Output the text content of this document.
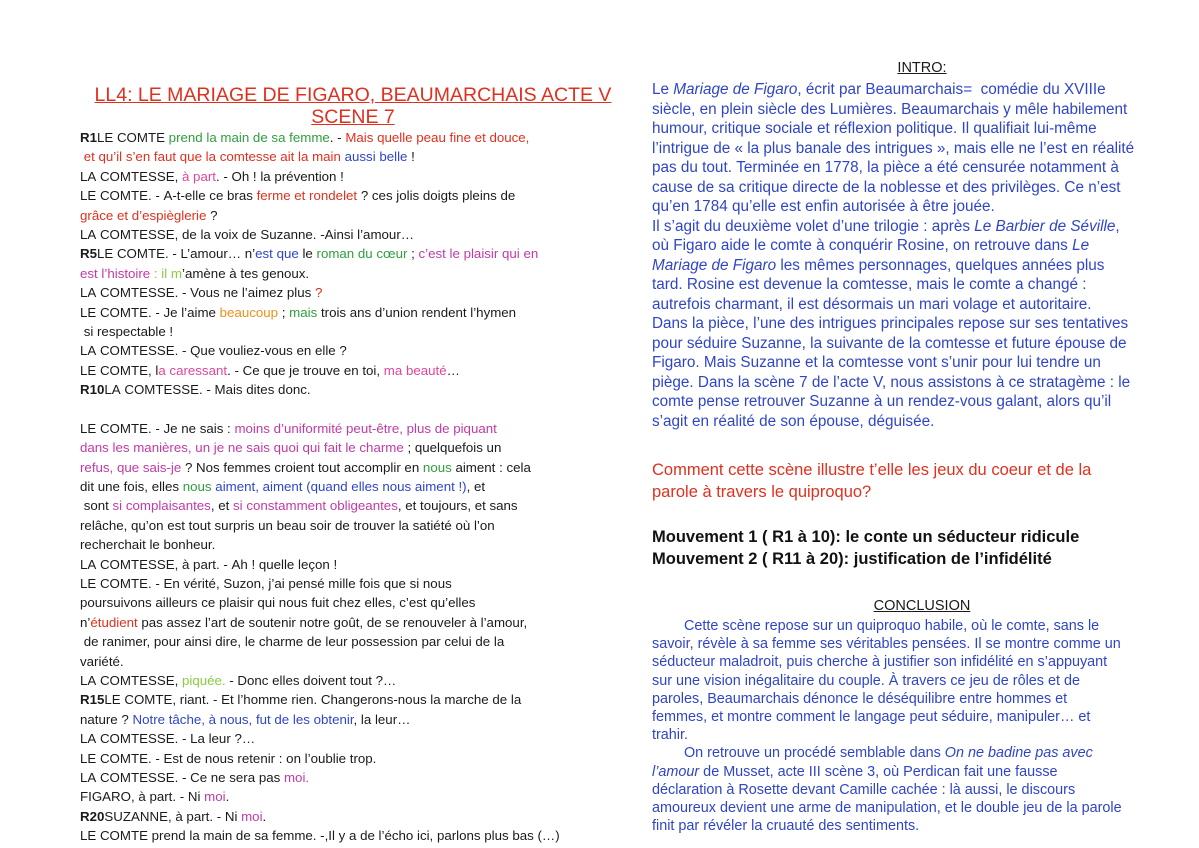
LL4: LE MARIAGE DE FIGARO, BEAUMARCHAIS ACTE V
SCENE 7
R1LE COMTE prend la main de sa femme. - Mais quelle peau fine et douce,
et qu’il s’en faut que la comtesse ait la main aussi belle !
LA COMTESSE, à part. - Oh ! la prévention !
LE COMTE. - A-t-elle ce bras ferme et rondelet ? ces jolis doigts pleins de
grâce et d’espièglerie ?
LA COMTESSE, de la voix de Suzanne. -Ainsi l’amour…
R5LE COMTE. - L’amour… n’est que le roman du cœur ; c’est le plaisir qui en
est l’histoire : il m’amène à tes genoux.
LA COMTESSE. - Vous ne l’aimez plus ?
LE COMTE. - Je l’aime beaucoup ; mais trois ans d’union rendent l’hymen
si respectable !
LA COMTESSE. - Que vouliez-vous en elle ?
LE COMTE, la caressant. - Ce que je trouve en toi, ma beauté…
R10LA COMTESSE. - Mais dites donc.
LE COMTE. - Je ne sais : moins d’uniformité peut-être, plus de piquant
dans les manières, un je ne sais quoi qui fait le charme ; quelquefois un
refus, que sais-je ? Nos femmes croient tout accomplir en nous aiment : cela
dit une fois, elles nous aiment, aiment (quand elles nous aiment !), et
sont si complaisantes, et si constamment obligeantes, et toujours, et sans
relâche, qu’on est tout surpris un beau soir de trouver la satiété où l’on
recherchait le bonheur.
LA COMTESSE, à part. - Ah ! quelle leçon !
LE COMTE. - En vérité, Suzon, j’ai pensé mille fois que si nous
poursuivons ailleurs ce plaisir qui nous fuit chez elles, c’est qu’elles
n’étudient pas assez l’art de soutenir notre goût, de se renouveler à l’amour,
de ranimer, pour ainsi dire, le charme de leur possession par celui de la
variété.
LA COMTESSE, piquée. - Donc elles doivent tout ?…
R15LE COMTE, riant. - Et l’homme rien. Changerons-nous la marche de la
nature ? Notre tâche, à nous, fut de les obtenir, la leur…
LA COMTESSE. - La leur ?…
LE COMTE. - Est de nous retenir : on l’oublie trop.
LA COMTESSE. - Ce ne sera pas moi.
FIGARO, à part. - Ni moi.
R20SUZANNE, à part. - Ni moi.
LE COMTE prend la main de sa femme. -,Il y a de l’écho ici, parlons plus bas (…)
INTRO:
Le Mariage de Figaro, écrit par Beaumarchais=  comédie du XVIIIe
siècle, en plein siècle des Lumières. Beaumarchais y mêle habilement
humour, critique sociale et réflexion politique. Il qualifiait lui-même
l’intrigue de « la plus banale des intrigues », mais elle ne l’est en réalité
pas du tout. Terminée en 1778, la pièce a été censurée notamment à
cause de sa critique directe de la noblesse et des privilèges. Ce n’est
qu’en 1784 qu’elle est enfin autorisée à être jouée.
Il s’agit du deuxième volet d’une trilogie : après Le Barbier de Séville,
où Figaro aide le comte à conquérir Rosine, on retrouve dans Le
Mariage de Figaro les mêmes personnages, quelques années plus
tard. Rosine est devenue la comtesse, mais le comte a changé :
autrefois charmant, il est désormais un mari volage et autoritaire.
Dans la pièce, l’une des intrigues principales repose sur ses tentatives
pour séduire Suzanne, la suivante de la comtesse et future épouse de
Figaro. Mais Suzanne et la comtesse vont s’unir pour lui tendre un
piège. Dans la scène 7 de l’acte V, nous assistons à ce stratagème : le
comte pense retrouver Suzanne à un rendez-vous galant, alors qu’il
s’agit en réalité de son épouse, déguisée.
Comment cette scène illustre t’elle les jeux du coeur et de la
parole à travers le quiproquo?
Mouvement 1 ( R1 à 10): le conte un séducteur ridicule
Mouvement 2 ( R11 à 20): justification de l’infidélité
CONCLUSION
Cette scène repose sur un quiproquo habile, où le comte, sans le
savoir, révèle à sa femme ses véritables pensées. Il se montre comme un
séducteur maladroit, puis cherche à justifier son infidélité en s’appuyant
sur une vision inégalitaire du couple. À travers ce jeu de rôles et de
paroles, Beaumarchais dénonce le déséquilibre entre hommes et
femmes, et montre comment le langage peut séduire, manipuler… et
trahir.
On retrouve un procédé semblable dans On ne badine pas avec
l’amour de Musset, acte III scène 3, où Perdican fait une fausse
déclaration à Rosette devant Camille cachée : là aussi, le discours
amoureux devient une arme de manipulation, et le double jeu de la parole
finit par révéler la cruauté des sentiments.
